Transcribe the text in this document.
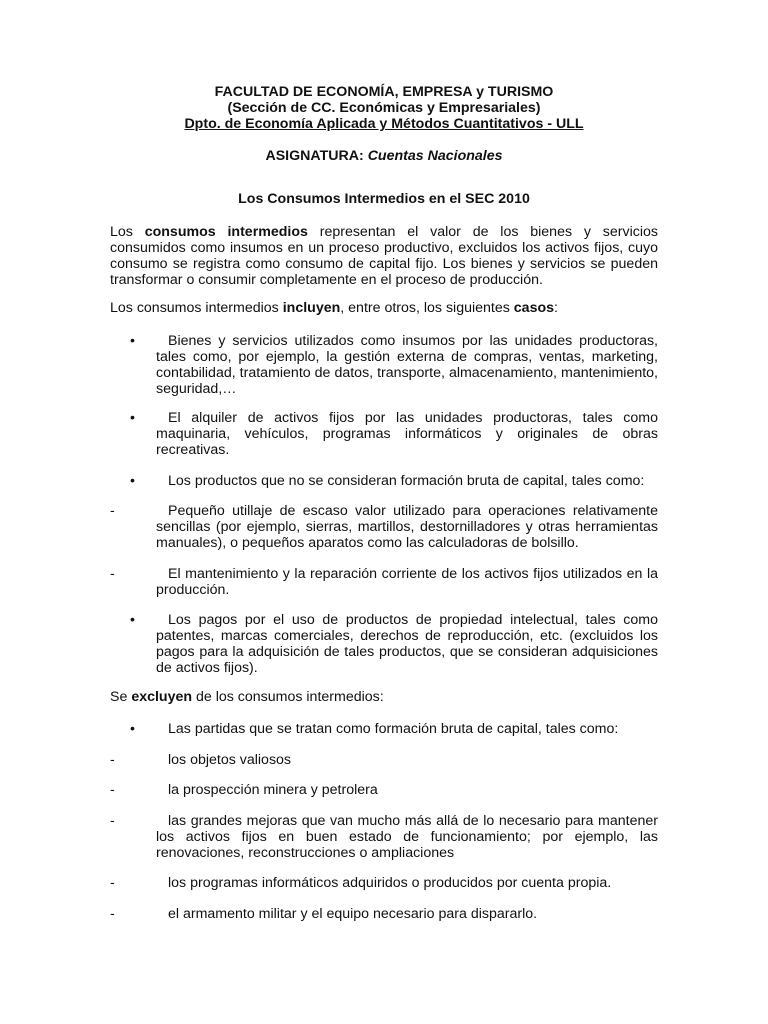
FACULTAD DE ECONOMÍA, EMPRESA y TURISMO
(Sección de CC. Económicas y Empresariales)
Dpto. de Economía Aplicada y Métodos Cuantitativos - ULL
ASIGNATURA: Cuentas Nacionales
Los Consumos Intermedios en el SEC 2010
Los consumos intermedios representan el valor de los bienes y servicios consumidos como insumos en un proceso productivo, excluidos los activos fijos, cuyo consumo se registra como consumo de capital fijo. Los bienes y servicios se pueden transformar o consumir completamente en el proceso de producción.
Los consumos intermedios incluyen, entre otros, los siguientes casos:
•	Bienes y servicios utilizados como insumos por las unidades productoras, tales como, por ejemplo, la gestión externa de compras, ventas, marketing, contabilidad, tratamiento de datos, transporte, almacenamiento, mantenimiento, seguridad,…
•	El alquiler de activos fijos por las unidades productoras, tales como maquinaria, vehículos, programas informáticos y originales de obras recreativas.
•	Los productos que no se consideran formación bruta de capital, tales como:
-	Pequeño utillaje de escaso valor utilizado para operaciones relativamente sencillas (por ejemplo, sierras, martillos, destornilladores y otras herramientas manuales), o pequeños aparatos como las calculadoras de bolsillo.
-	El mantenimiento y la reparación corriente de los activos fijos utilizados en la producción.
•	Los pagos por el uso de productos de propiedad intelectual, tales como patentes, marcas comerciales, derechos de reproducción, etc. (excluidos los pagos para la adquisición de tales productos, que se consideran adquisiciones de activos fijos).
Se excluyen de los consumos intermedios:
•	Las partidas que se tratan como formación bruta de capital, tales como:
-	los objetos valiosos
-	la prospección minera y petrolera
-	las grandes mejoras que van mucho más allá de lo necesario para mantener los activos fijos en buen estado de funcionamiento; por ejemplo, las renovaciones, reconstrucciones o ampliaciones
-	los programas informáticos adquiridos o producidos por cuenta propia.
-	el armamento militar y el equipo necesario para dispararlo.
